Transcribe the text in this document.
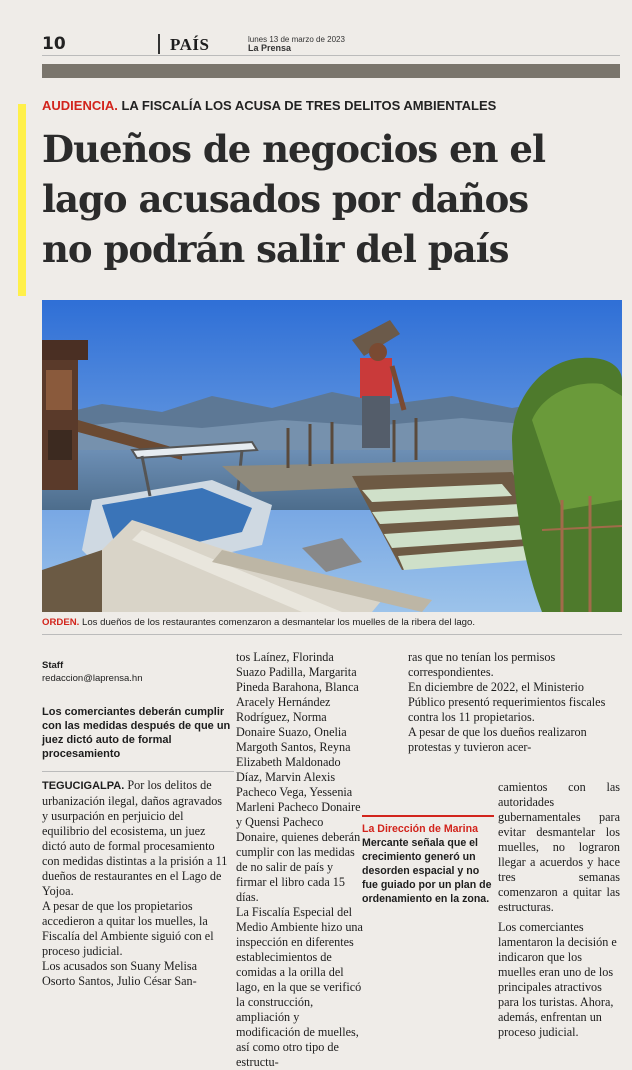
10	PAÍS	lunes 13 de marzo de 2023
La Prensa
AUDIENCIA. LA FISCALÍA LOS ACUSA DE TRES DELITOS AMBIENTALES
Dueños de negocios en el
lago acusados por daños
no podrán salir del país
ORDEN. Los dueños de los restaurantes comenzaron a desmantelar los muelles de la ribera del lago.
Staff
redaccion@laprensa.hn
Los comerciantes deberán cumplir con las medidas después de que un juez dictó auto de formal procesamiento

TEGUCIGALPA. Por los delitos de urbanización ilegal, daños agravados y usurpación en perjuicio del equilibrio del ecosistema, un juez dictó auto de formal procesamiento con medidas distintas a la prisión a 11 dueños de restaurantes en el Lago de Yojoa.

A pesar de que los propietarios accedieron a quitar los muelles, la Fiscalía del Ambiente siguió con el proceso judicial.

Los acusados son Suany Melisa Osorto Santos, Julio César San-

tos Laínez, Florinda Suazo Padilla, Margarita Pineda Barahona, Blanca Aracely Hernández Rodríguez, Norma Donaire Suazo, Onelia Margoth Santos, Reyna Elizabeth Maldonado Díaz, Marvin Alexis Pacheco Vega, Yessenia Marleni Pacheco Donaire y Quensi Pacheco Donaire, quienes deberán cumplir con las medidas de no salir de país y firmar el libro cada 15 días.

La Fiscalía Especial del Medio Ambiente hizo una inspección en diferentes establecimientos de comidas a la orilla del lago, en la que se verificó la construcción, ampliación y modificación de muelles, así como otro tipo de estructu-

La Dirección de Marina Mercante señala que el crecimiento generó un desorden espacial y no fue guiado por un plan de ordenamiento en la zona.

ras que no tenían los permisos correspondientes.

En diciembre de 2022, el Ministerio Público presentó requerimientos fiscales contra los 11 propietarios.

A pesar de que los dueños realizaron protestas y tuvieron acer-

camientos con las autoridades gubernamentales para evitar desmantelar los muelles, no lograron llegar a acuerdos y hace tres semanas comenzaron a quitar las estructuras.

Los comerciantes lamentaron la decisión e indicaron que los muelles eran uno de los principales atractivos para los turistas. Ahora, además, enfrentan un proceso judicial.
